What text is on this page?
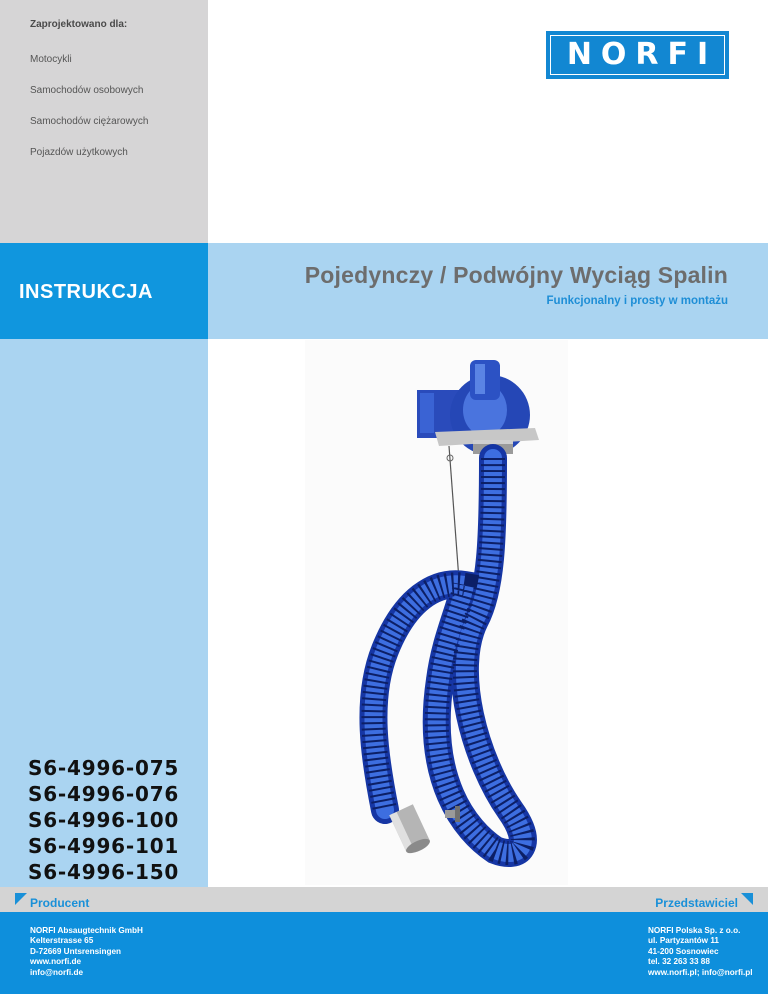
Zaprojektowano dla:
Motocykli
Samochodów osobowych
Samochodów ciężarowych
Pojazdów użytkowych
NORFI
INSTRUKCJA
Pojedynczy / Podwójny Wyciąg Spalin
Funkcjonalny i prosty w montażu
S6-4996-075
S6-4996-076
S6-4996-100
S6-4996-101
S6-4996-150
Producent	Przedstawiciel
NORFI Absaugtechnik GmbH
Kelterstrasse 65
D-72669 Untsrensingen
www.norfi.de
info@norfi.de
NORFI Polska Sp. z o.o.
ul. Partyzantów 11
41-200 Sosnowiec
tel. 32 263 33 88
www.norfi.pl; info@norfi.pl
